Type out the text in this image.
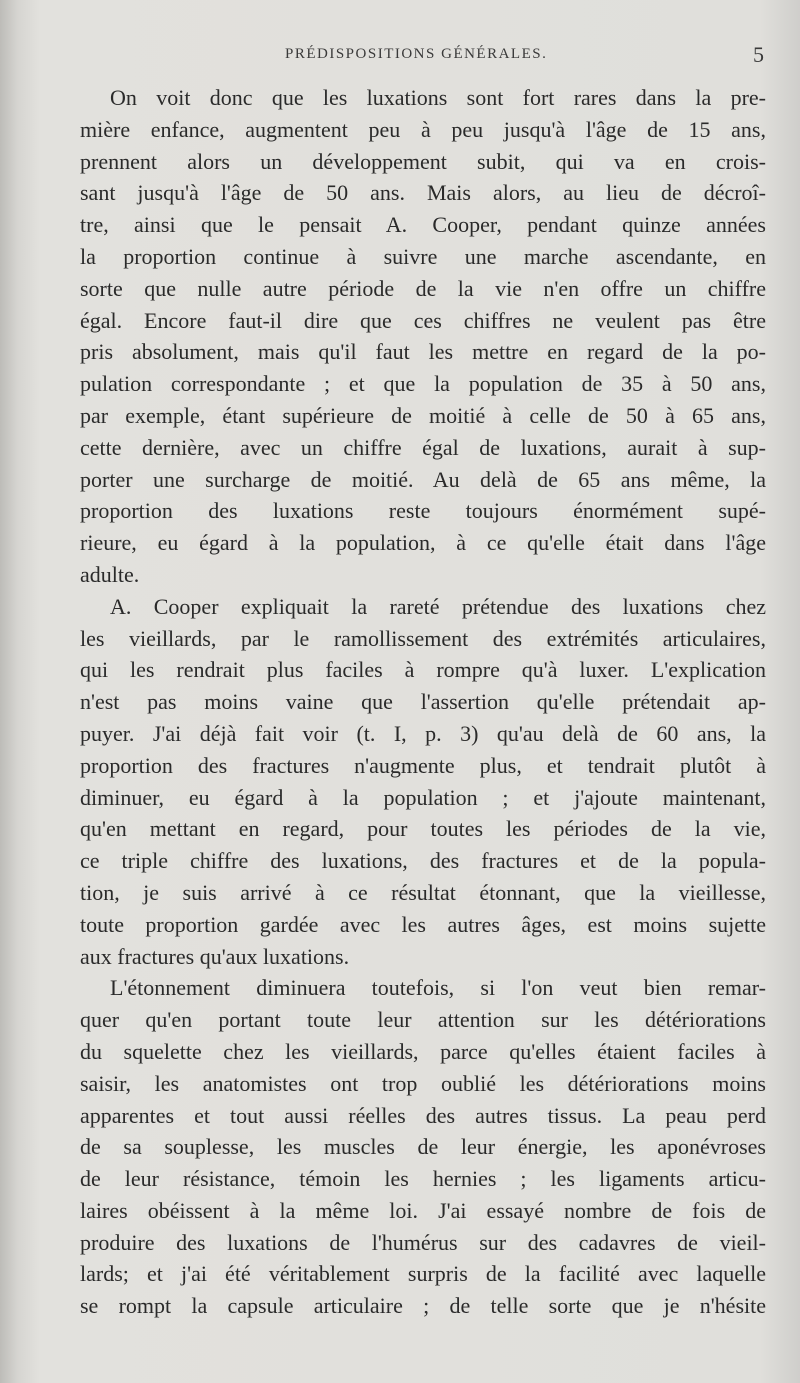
PRÉDISPOSITIONS GÉNÉRALES.	5
On voit donc que les luxations sont fort rares dans la pre-
mière enfance, augmentent peu à peu jusqu'à l'âge de 15 ans,
prennent alors un développement subit, qui va en crois-
sant jusqu'à l'âge de 50 ans. Mais alors, au lieu de décroî-
tre, ainsi que le pensait A. Cooper, pendant quinze années
la proportion continue à suivre une marche ascendante, en
sorte que nulle autre période de la vie n'en offre un chiffre
égal. Encore faut-il dire que ces chiffres ne veulent pas être
pris absolument, mais qu'il faut les mettre en regard de la po-
pulation correspondante ; et que la population de 35 à 50 ans,
par exemple, étant supérieure de moitié à celle de 50 à 65 ans,
cette dernière, avec un chiffre égal de luxations, aurait à sup-
porter une surcharge de moitié. Au delà de 65 ans même, la
proportion des luxations reste toujours énormément supé-
rieure, eu égard à la population, à ce qu'elle était dans l'âge
adulte.
A. Cooper expliquait la rareté prétendue des luxations chez
les vieillards, par le ramollissement des extrémités articulaires,
qui les rendrait plus faciles à rompre qu'à luxer. L'explication
n'est pas moins vaine que l'assertion qu'elle prétendait ap-
puyer. J'ai déjà fait voir (t. I, p. 3) qu'au delà de 60 ans, la
proportion des fractures n'augmente plus, et tendrait plutôt à
diminuer, eu égard à la population ; et j'ajoute maintenant,
qu'en mettant en regard, pour toutes les périodes de la vie,
ce triple chiffre des luxations, des fractures et de la popula-
tion, je suis arrivé à ce résultat étonnant, que la vieillesse,
toute proportion gardée avec les autres âges, est moins sujette
aux fractures qu'aux luxations.
L'étonnement diminuera toutefois, si l'on veut bien remar-
quer qu'en portant toute leur attention sur les détériorations
du squelette chez les vieillards, parce qu'elles étaient faciles à
saisir, les anatomistes ont trop oublié les détériorations moins
apparentes et tout aussi réelles des autres tissus. La peau perd
de sa souplesse, les muscles de leur énergie, les aponévroses
de leur résistance, témoin les hernies ; les ligaments articu-
laires obéissent à la même loi. J'ai essayé nombre de fois de
produire des luxations de l'humérus sur des cadavres de vieil-
lards; et j'ai été véritablement surpris de la facilité avec laquelle
se rompt la capsule articulaire ; de telle sorte que je n'hésite
